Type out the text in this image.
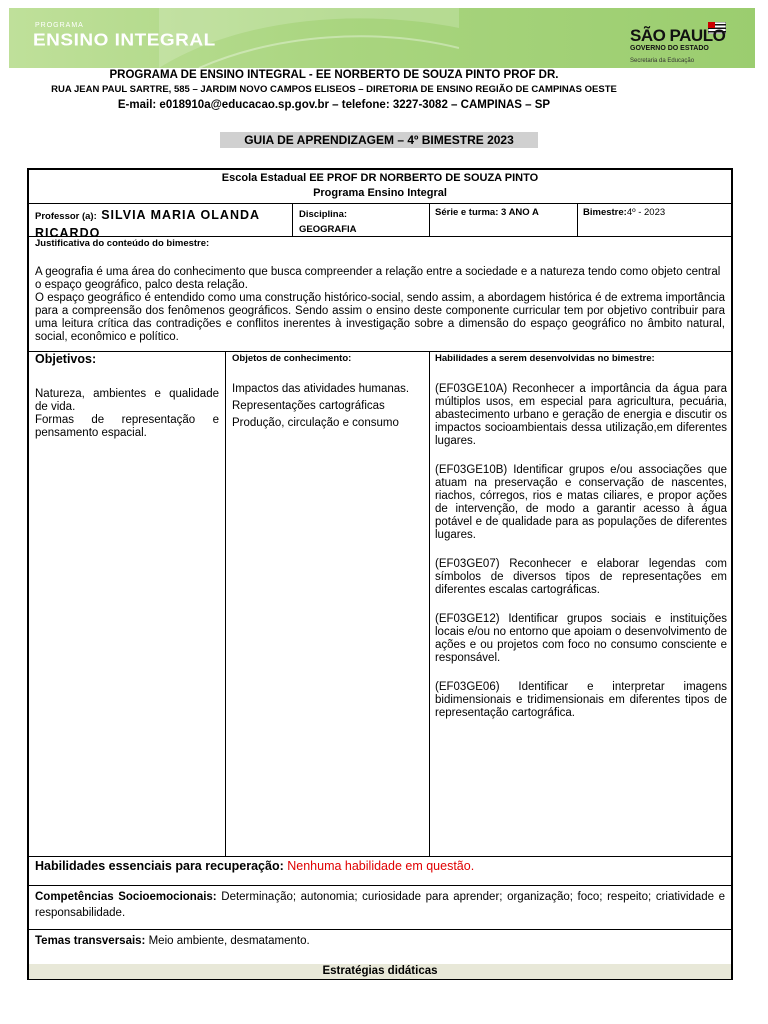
PROGRAMA
ENSINO INTEGRAL	SÃO PAULO
GOVERNO DO ESTADO
Secretaria da Educação
PROGRAMA DE ENSINO INTEGRAL - EE NORBERTO DE SOUZA PINTO PROF DR.
RUA JEAN PAUL SARTRE, 585 – JARDIM NOVO CAMPOS ELISEOS – DIRETORIA DE ENSINO REGIÃO DE CAMPINAS OESTE
E-mail: e018910a@educacao.sp.gov.br – telefone: 3227-3082 – CAMPINAS – SP
GUIA DE APRENDIZAGEM – 4º BIMESTRE 2023
Escola Estadual EE PROF DR NORBERTO DE SOUZA PINTO
Programa Ensino Integral
Professor (a): SILVIA MARIA OLANDA RICARDO
Disciplina:
GEOGRAFIA
Série e turma: 3 ANO A	Bimestre:4º - 2023
Justificativa do conteúdo do bimestre:
A geografia é uma área do conhecimento que busca compreender a relação entre a sociedade e a natureza tendo como objeto central o espaço geográfico, palco desta relação.
O espaço geográfico é entendido como uma construção histórico-social, sendo assim, a abordagem histórica é de extrema importância para a compreensão dos fenômenos geográficos. Sendo assim o ensino deste componente curricular tem por objetivo contribuir para uma leitura crítica das contradições e conflitos inerentes à investigação sobre a dimensão do espaço geográfico no âmbito natural, social, econômico e político.
Objetivos:
Natureza, ambientes e qualidade de vida.
Formas de representação e pensamento espacial.
Objetos de conhecimento:
Impactos das atividades humanas.
Representações cartográficas
Produção, circulação e consumo
Habilidades a serem desenvolvidas no bimestre:
(EF03GE10A) Reconhecer a importância da água para múltiplos usos, em especial para agricultura, pecuária, abastecimento urbano e geração de energia e discutir os impactos socioambientais dessa utilização,em diferentes lugares.
(EF03GE10B) Identificar grupos e/ou associações que atuam na preservação e conservação de nascentes, riachos, córregos, rios e matas ciliares, e propor ações de intervenção, de modo a garantir acesso à água potável e de qualidade para as populações de diferentes lugares.
(EF03GE07) Reconhecer e elaborar legendas com símbolos de diversos tipos de representações em diferentes escalas cartográficas.
(EF03GE12) Identificar grupos sociais e instituições locais e/ou no entorno que apoiam o desenvolvimento de ações e ou projetos com foco no consumo consciente e responsável.
(EF03GE06) Identificar e interpretar imagens bidimensionais e tridimensionais em diferentes tipos de representação cartográfica.
Habilidades essenciais para recuperação: Nenhuma habilidade em questão.
Competências Socioemocionais: Determinação; autonomia; curiosidade para aprender; organização; foco; respeito; criatividade e responsabilidade.
Temas transversais: Meio ambiente, desmatamento.
Estratégias didáticas
